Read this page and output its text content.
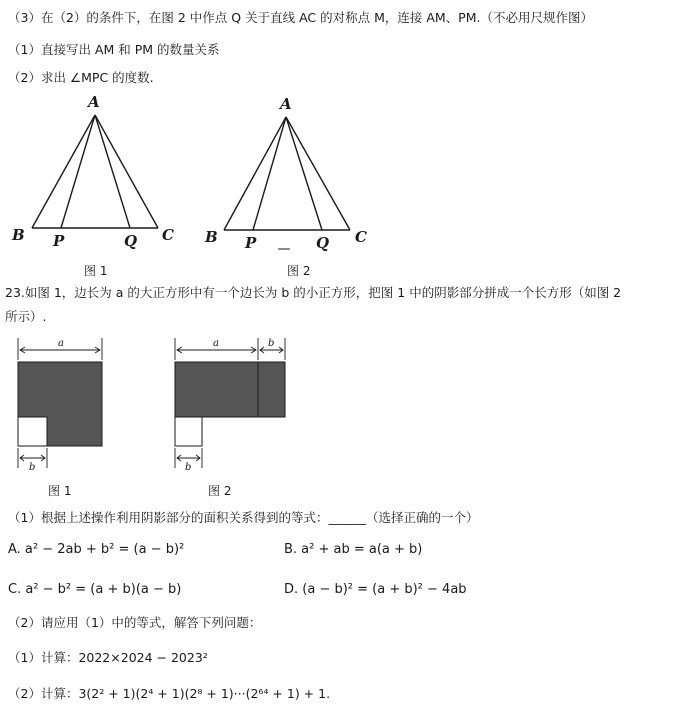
（3）在（2）的条件下，在图 2 中作点 Q 关于直线 AC 的对称点 M，连接 AM、PM.（不必用尺规作图）
（1）直接写出 AM 和 PM 的数量关系
（2）求出 ∠MPC 的度数.
A
B P	Q C
A
B P	Q C
a
b
a	b
b
图 1	图 2
23.如图 1，边长为 a 的大正方形中有一个边长为 b 的小正方形，把图 1 中的阴影部分拼成一个长方形（如图 2
所示）.
图 1	图 2
（1）根据上述操作利用阴影部分的面积关系得到的等式：______（选择正确的一个）
A. a² − 2ab + b² = (a − b)²	B. a² + ab = a(a + b)
C. a² − b² = (a + b)(a − b)	D. (a − b)² = (a + b)² − 4ab
（2）请应用（1）中的等式，解答下列问题：
（1）计算：2022×2024 − 2023²
（2）计算：3(2² + 1)(2⁴ + 1)(2⁸ + 1)···(2⁶⁴ + 1) + 1.
